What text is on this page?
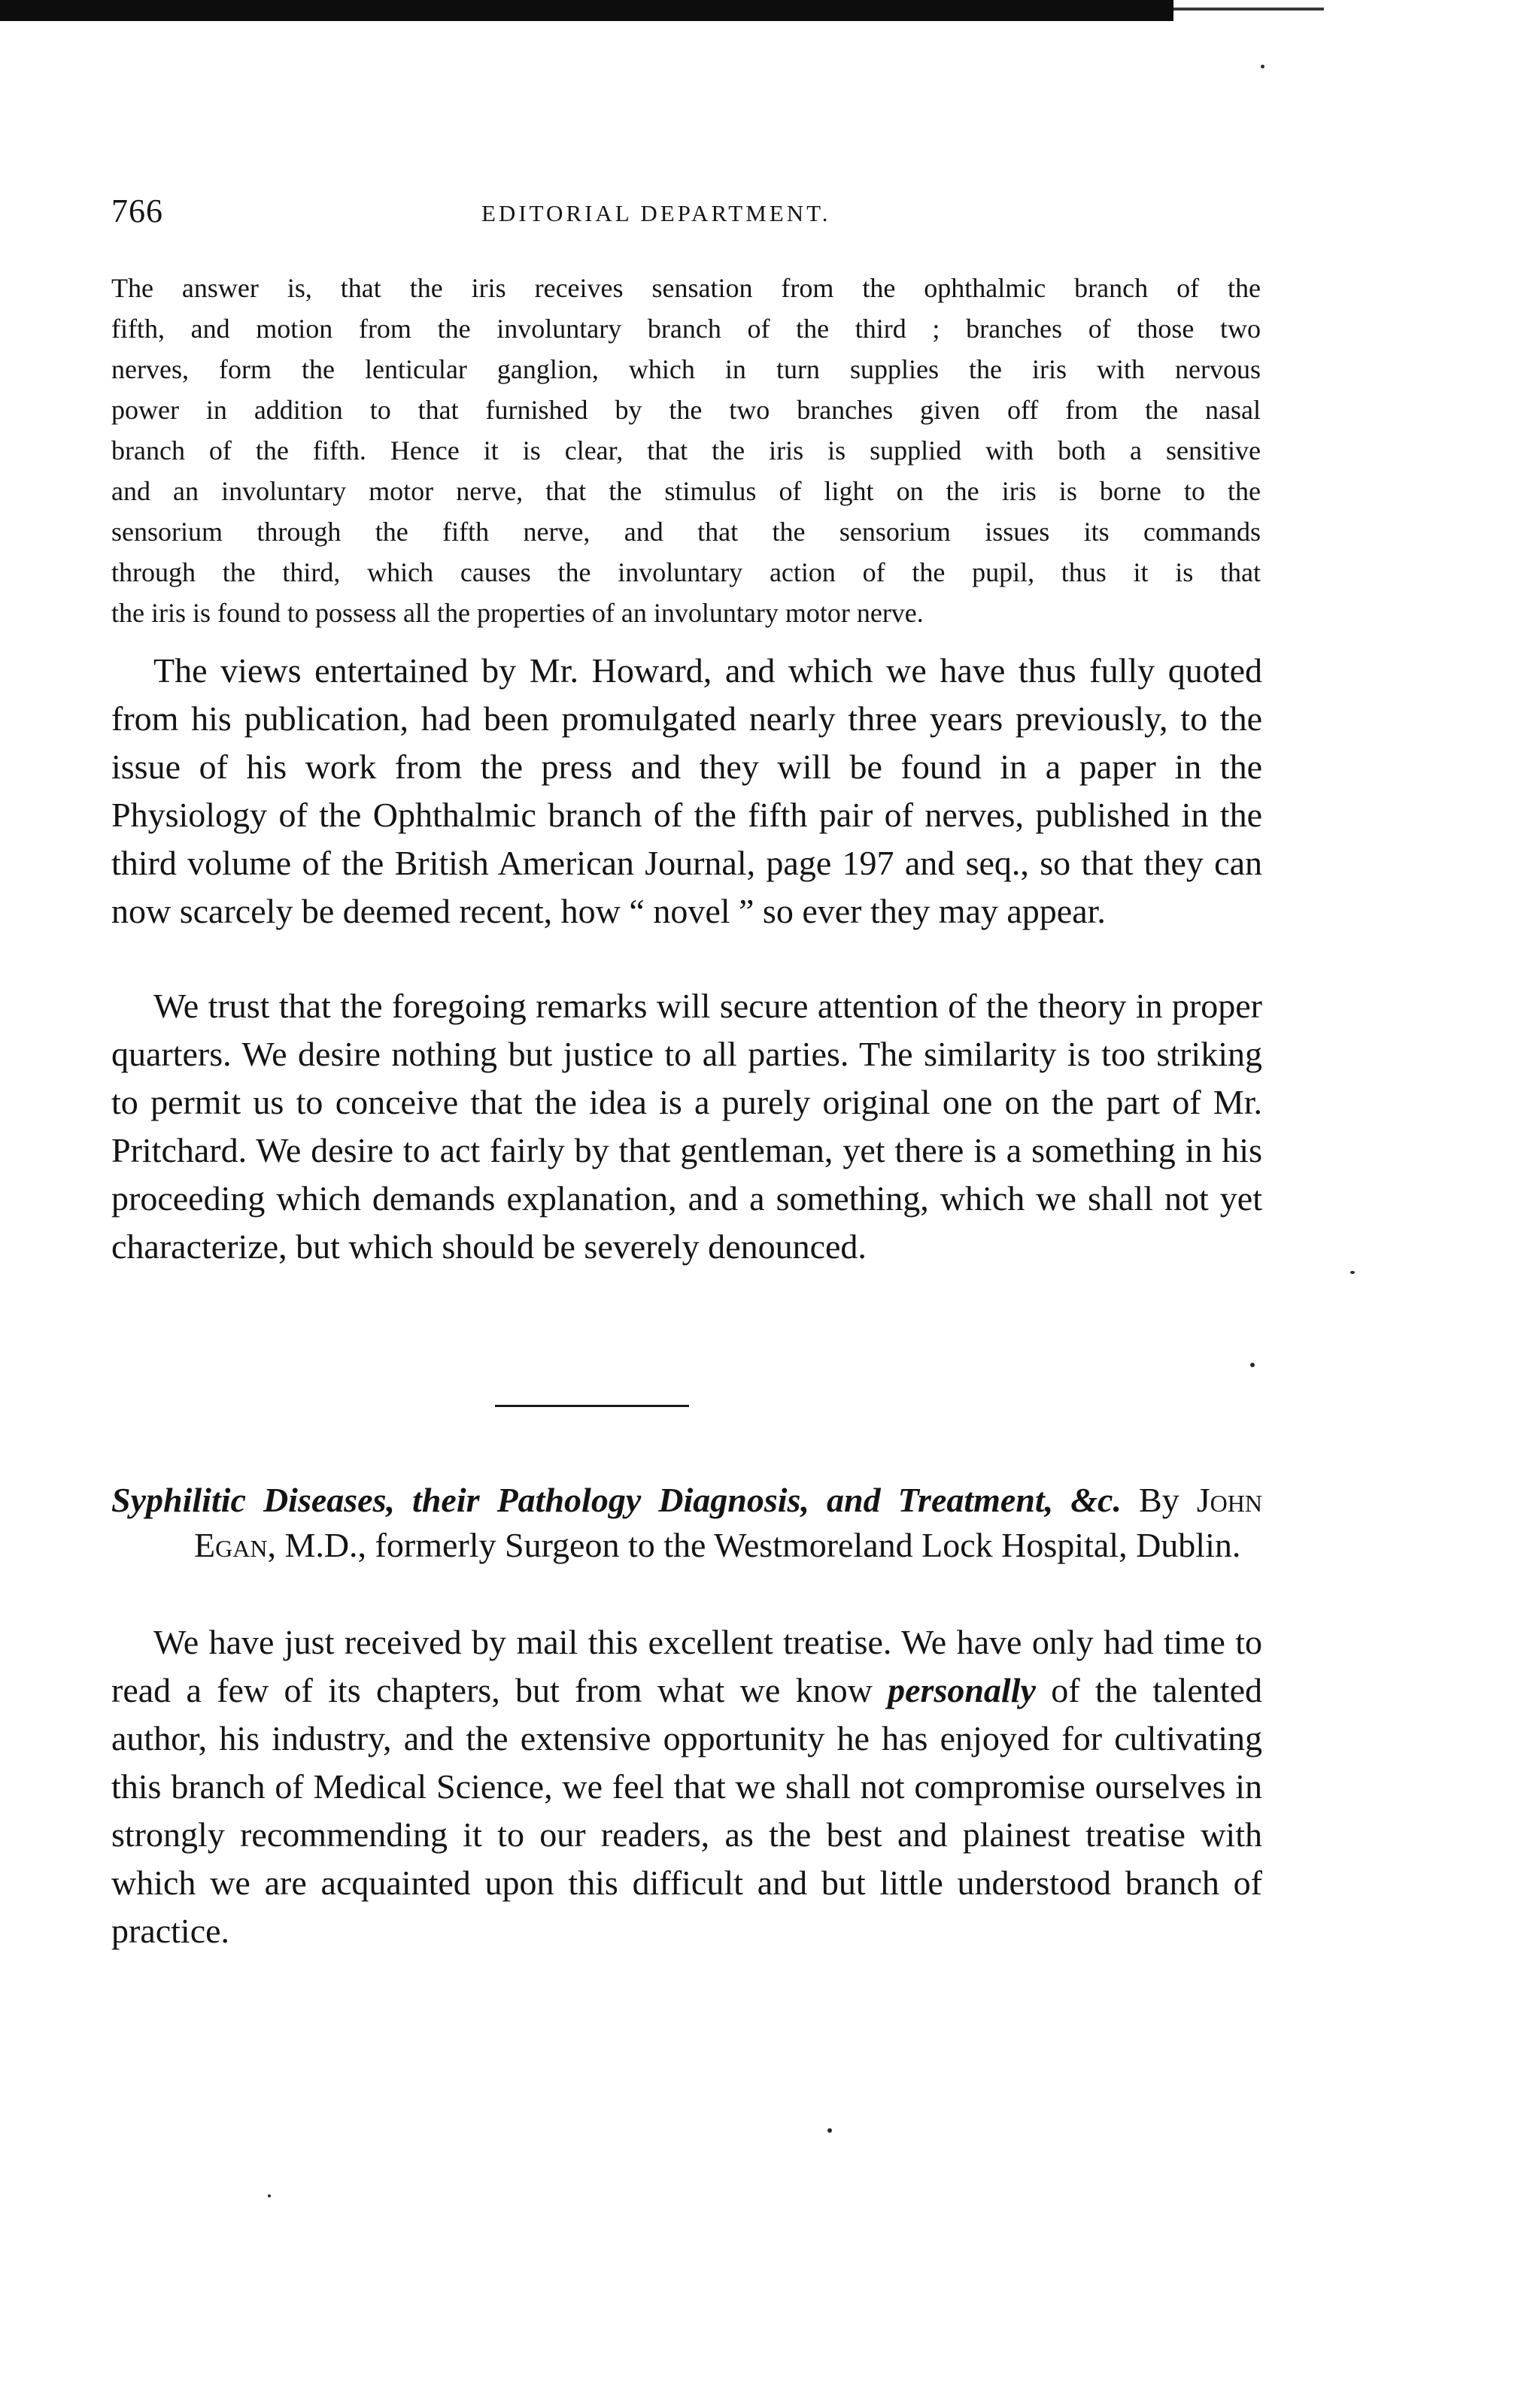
766	EDITORIAL DEPARTMENT.
The answer is, that the iris receives sensation from the ophthalmic branch of the
fifth, and motion from the involuntary branch of the third ; branches of those two
nerves, form the lenticular ganglion, which in turn supplies the iris with nervous
power in addition to that furnished by the two branches given off from the nasal
branch of the fifth. Hence it is clear, that the iris is supplied with both a sensitive
and an involuntary motor nerve, that the stimulus of light on the iris is borne to the
sensorium through the fifth nerve, and that the sensorium issues its commands
through the third, which causes the involuntary action of the pupil, thus it is that
the iris is found to possess all the properties of an involuntary motor nerve.

The views entertained by Mr. Howard, and which we have thus fully quoted from his publication, had been promulgated nearly three years previously, to the issue of his work from the press and they will be found in a paper in the Physiology of the Ophthalmic branch of the fifth pair of nerves, published in the third volume of the British American Journal, page 197 and seq., so that they can now scarcely be deemed recent, how “ novel ” so ever they may appear.

We trust that the foregoing remarks will secure attention of the theory in proper quarters. We desire nothing but justice to all parties. The similarity is too striking to permit us to conceive that the idea is a purely original one on the part of Mr. Pritchard. We desire to act fairly by that gentleman, yet there is a something in his proceeding which demands explanation, and a something, which we shall not yet characterize, but which should be severely denounced.

Syphilitic Diseases, their Pathology Diagnosis, and Treatment, &c. By John Egan, M.D., formerly Surgeon to the Westmoreland Lock Hospital, Dublin.

We have just received by mail this excellent treatise. We have only had time to read a few of its chapters, but from what we know personally of the talented author, his industry, and the extensive opportunity he has enjoyed for cultivating this branch of Medical Science, we feel that we shall not compromise ourselves in strongly recommending it to our readers, as the best and plainest treatise with which we are acquainted upon this difficult and but little understood branch of practice.
